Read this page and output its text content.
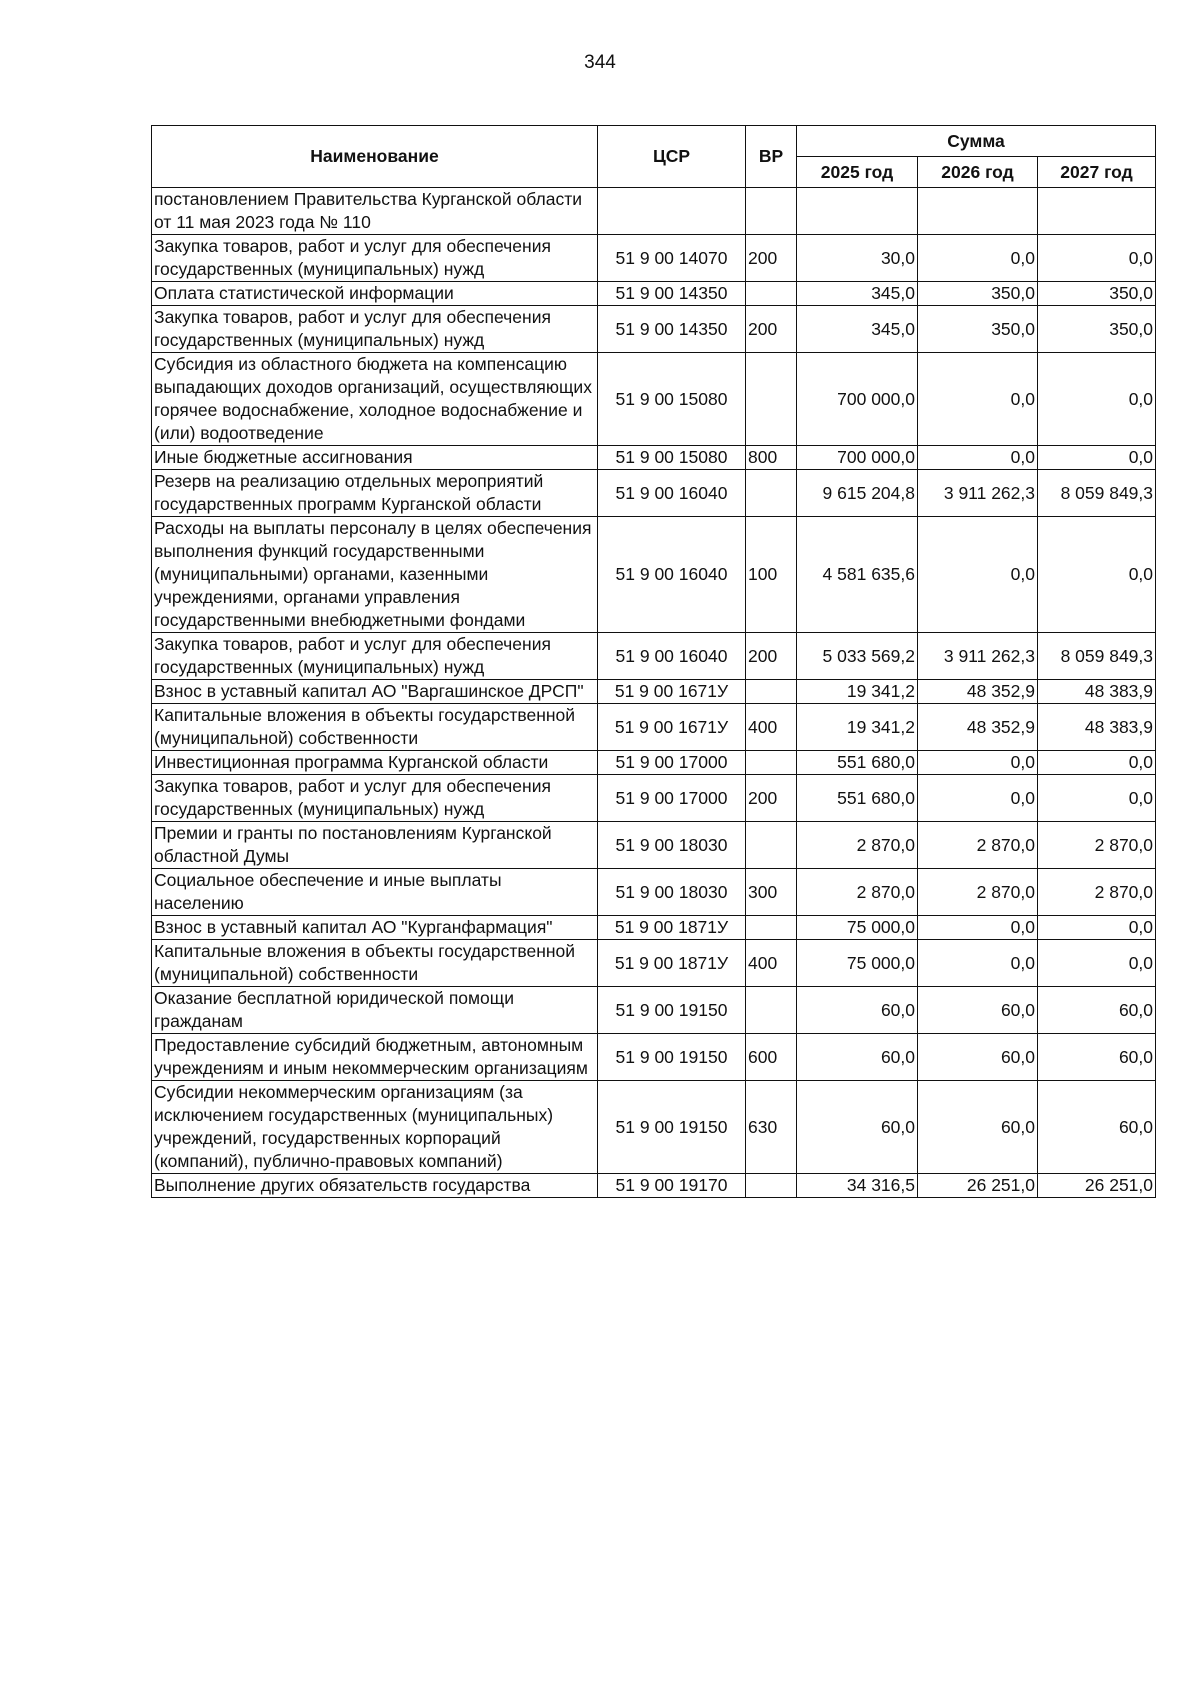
344
Наименование	ЦСР	ВР	Сумма		
			2025 год	2026 год	2027 год
постановлением Правительства Курганской области от 11 мая 2023 года № 110					
Закупка товаров, работ и услуг для обеспечения государственных (муниципальных) нужд	51 9 00 14070	200	30,0	0,0	0,0
Оплата статистической информации	51 9 00 14350		345,0	350,0	350,0
Закупка товаров, работ и услуг для обеспечения государственных (муниципальных) нужд	51 9 00 14350	200	345,0	350,0	350,0
Субсидия из областного бюджета на компенсацию выпадающих доходов организаций, осуществляющих горячее водоснабжение, холодное водоснабжение и (или) водоотведение	51 9 00 15080		700 000,0	0,0	0,0
Иные бюджетные ассигнования	51 9 00 15080	800	700 000,0	0,0	0,0
Резерв на реализацию отдельных мероприятий государственных программ Курганской области	51 9 00 16040		9 615 204,8	3 911 262,3	8 059 849,3
Расходы на выплаты персоналу в целях обеспечения выполнения функций государственными (муниципальными) органами, казенными учреждениями, органами управления государственными внебюджетными фондами	51 9 00 16040	100	4 581 635,6	0,0	0,0
Закупка товаров, работ и услуг для обеспечения государственных (муниципальных) нужд	51 9 00 16040	200	5 033 569,2	3 911 262,3	8 059 849,3
Взнос в уставный капитал АО "Варгашинское ДРСП"	51 9 00 1671У		19 341,2	48 352,9	48 383,9
Капитальные вложения в объекты государственной (муниципальной) собственности	51 9 00 1671У	400	19 341,2	48 352,9	48 383,9
Инвестиционная программа Курганской области	51 9 00 17000		551 680,0	0,0	0,0
Закупка товаров, работ и услуг для обеспечения государственных (муниципальных) нужд	51 9 00 17000	200	551 680,0	0,0	0,0
Премии и гранты по постановлениям Курганской областной Думы	51 9 00 18030		2 870,0	2 870,0	2 870,0
Социальное обеспечение и иные выплаты населению	51 9 00 18030	300	2 870,0	2 870,0	2 870,0
Взнос в уставный капитал АО "Курганфармация"	51 9 00 1871У		75 000,0	0,0	0,0
Капитальные вложения в объекты государственной (муниципальной) собственности	51 9 00 1871У	400	75 000,0	0,0	0,0
Оказание бесплатной юридической помощи гражданам	51 9 00 19150		60,0	60,0	60,0
Предоставление субсидий бюджетным, автономным учреждениям и иным некоммерческим организациям	51 9 00 19150	600	60,0	60,0	60,0
Субсидии некоммерческим организациям (за исключением государственных (муниципальных) учреждений, государственных корпораций (компаний), публично-правовых компаний)	51 9 00 19150	630	60,0	60,0	60,0
Выполнение других обязательств государства	51 9 00 19170		34 316,5	26 251,0	26 251,0
